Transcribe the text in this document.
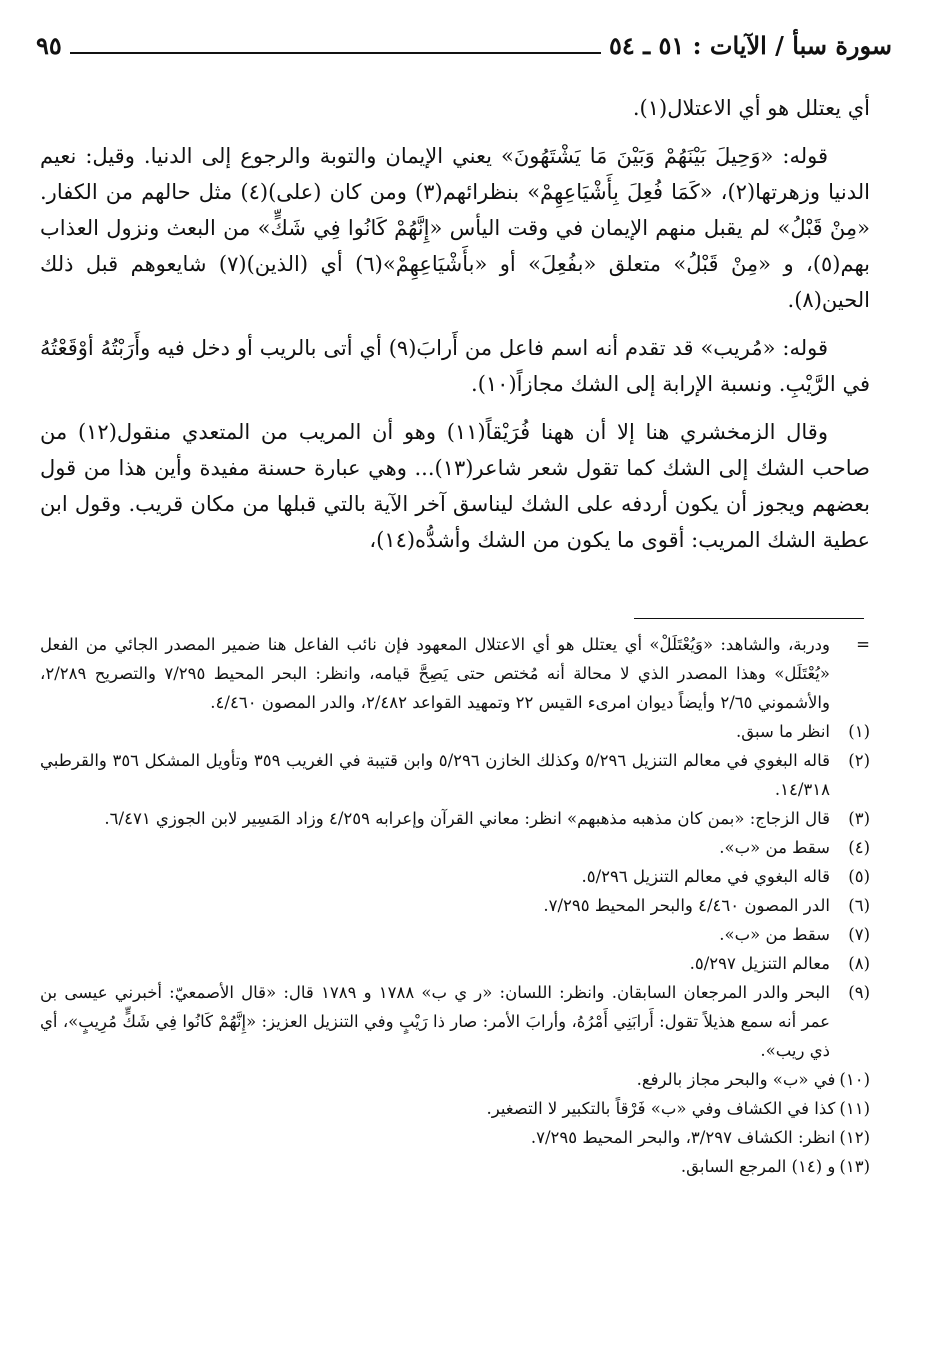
سورة سبأ / الآيات : ٥١ ـ ٥٤
٩٥

أي يعتلل هو أي الاعتلال(١).

قوله: «وَحِيلَ بَيْنَهُمْ وَبَيْنَ مَا يَشْتَهُونَ» يعني الإيمان والتوبة والرجوع إلى الدنيا. وقيل: نعيم الدنيا وزهرتها(٢)، «كَمَا فُعِلَ بِأَشْيَاعِهِمْ» بنظرائهم(٣) ومن كان (على)(٤) مثل حالهم من الكفار. «مِنْ قَبْلُ» لم يقبل منهم الإيمان في وقت اليأس «إِنَّهُمْ كَانُوا فِي شَكٍّ» من البعث ونزول العذاب بهم(٥)، و «مِنْ قَبْلُ» متعلق «بفُعِلَ» أو «بأَشْيَاعِهِمْ»(٦) أي (الذين)(٧) شايعوهم قبل ذلك الحين(٨).

قوله: «مُريب» قد تقدم أنه اسم فاعل من أَرابَ(٩) أي أتى بالريب أو دخل فيه وأَرَبْتُهُ أوْقَعْتُهُ في الرَّيْبِ. ونسبة الإرابة إلى الشك مجازاً(١٠).

وقال الزمخشري هنا إلا أن ههنا فُرَيْقاً(١١) وهو أن المريب من المتعدي منقول(١٢) من صاحب الشك إلى الشك كما تقول شعر شاعر(١٣)... وهي عبارة حسنة مفيدة وأين هذا من قول بعضهم ويجوز أن يكون أردفه على الشك ليناسق آخر الآية بالتي قبلها من مكان قريب. وقول ابن عطية الشك المريب: أقوى ما يكون من الشك وأشدُّه(١٤)،

=
ودربة، والشاهد: «وَيُعْتَلَلْ» أي يعتلل هو أي الاعتلال المعهود فإن نائب الفاعل هنا ضمير المصدر الجائي من الفعل «يُعْتَلَل» وهذا المصدر الذي لا محالة أنه مُختص حتى يَصِحَّ قيامه، وانظر: البحر المحيط ٧/٢٩٥ والتصريح ٢/٢٨٩، والأشموني ٢/٦٥ وأيضاً ديوان امرىء القيس ٢٢ وتمهيد القواعد ٢/٤٨٢، والدر المصون ٤/٤٦٠.
(١)
انظر ما سبق.
(٢)
قاله البغوي في معالم التنزيل ٥/٢٩٦ وكذلك الخازن ٥/٢٩٦ وابن قتيبة في الغريب ٣٥٩ وتأويل المشكل ٣٥٦ والقرطبي ١٤/٣١٨.
(٣)
قال الزجاج: «بمن كان مذهبه مذهبهم» انظر: معاني القرآن وإعرابه ٤/٢٥٩ وزاد المَسِير لابن الجوزي ٦/٤٧١.
(٤)
سقط من «ب».
(٥)
قاله البغوي في معالم التنزيل ٥/٢٩٦.
(٦)
الدر المصون ٤/٤٦٠ والبحر المحيط ٧/٢٩٥.
(٧)
سقط من «ب».
(٨)
معالم التنزيل ٥/٢٩٧.
(٩)
البحر والدر المرجعان السابقان. وانظر: اللسان: «ر ي ب» ١٧٨٨ و ١٧٨٩ قال: «قال الأصمعيّ: أخبرني عيسى بن عمر أنه سمع هذيلاً تقول: أَرابَنِي أَمْرُهُ، وأرابَ الأمر: صار ذا رَيْبٍ وفي التنزيل العزيز: «إِنَّهُمْ كَانُوا فِي شَكٍّ مُرِيبٍ»، أي ذي ريب».
(١٠)
في «ب» والبحر مجاز بالرفع.
(١١)
كذا في الكشاف وفي «ب» فَرْقاً بالتكبير لا التصغير.
(١٢)
انظر: الكشاف ٣/٢٩٧، والبحر المحيط ٧/٢٩٥.
(١٣)
و (١٤) المرجع السابق.
